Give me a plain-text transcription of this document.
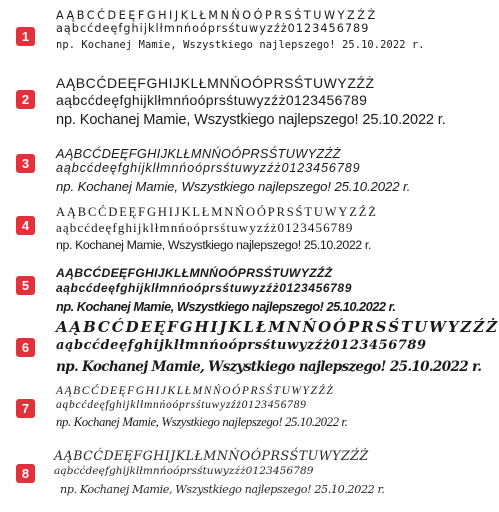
1
AĄBCĆDEĘFGHIJKLŁMNŃOÓPRSŚTUWYZŹŻ
aąbcćdeęfghijklłmnńoóprsśtuwyzźż0123456789
np. Kochanej Mamie, Wszystkiego najlepszego! 25.10.2022 r.
2
AĄBCĆDEĘFGHIJKLŁMNŃOÓPRSŚTUWYZŹŻ
aąbcćdeęfghijklłmnńoóprsśtuwyzźż0123456789
np. Kochanej Mamie, Wszystkiego najlepszego! 25.10.2022 r.
3
AĄBCĆDEĘFGHIJKLŁMNŃOÓPRSŚTUWYZŹŻ
aąbcćdeęfghijklłmnńoóprsśtuwyzźż0123456789
np. Kochanej Mamie, Wszystkiego najlepszego! 25.10.2022 r.
4
AĄBCĆDEĘFGHIJKLŁMNŃOÓPRSŚTUWYZŹŻ
aąbcćdeęfghijklłmnńoóprsśtuwyzźż0123456789
np. Kochanej Mamie, Wszystkiego najlepszego! 25.10.2022 r.
5
AĄBCĆDEĘFGHIJKLŁMNŃOÓPRSŚTUWYZŹŻ
aąbcćdeęfghijklłmnńoóprsśtuwyzźż0123456789
np. Kochanej Mamie, Wszystkiego najlepszego! 25.10.2022 r.
6
AĄBCĆDEĘFGHIJKLŁMNŃOÓPRSŚTUWYZŹŻ
aąbcćdeęfghijklłmnńoóprsśtuwyzźż0123456789
np. Kochanej Mamie, Wszystkiego najlepszego! 25.10.2022 r.
7
AĄBCĆDEĘFGHIJKLŁMNŃOÓPRSŚTUWYZŹŻ
aąbcćdeęfghijklłmnńoóprsśtuwyzźż0123456789
np. Kochanej Mamie, Wszystkiego najlepszego! 25.10.2022 r.
8
AĄBCĆDEĘFGHIJKLŁMNŃOÓPRSŚTUWYZŹŻ
aąbcćdeęfghijklłmnńoóprsśtuwyzźż0123456789
np. Kochanej Mamie, Wszystkiego najlepszego! 25.10.2022 r.
